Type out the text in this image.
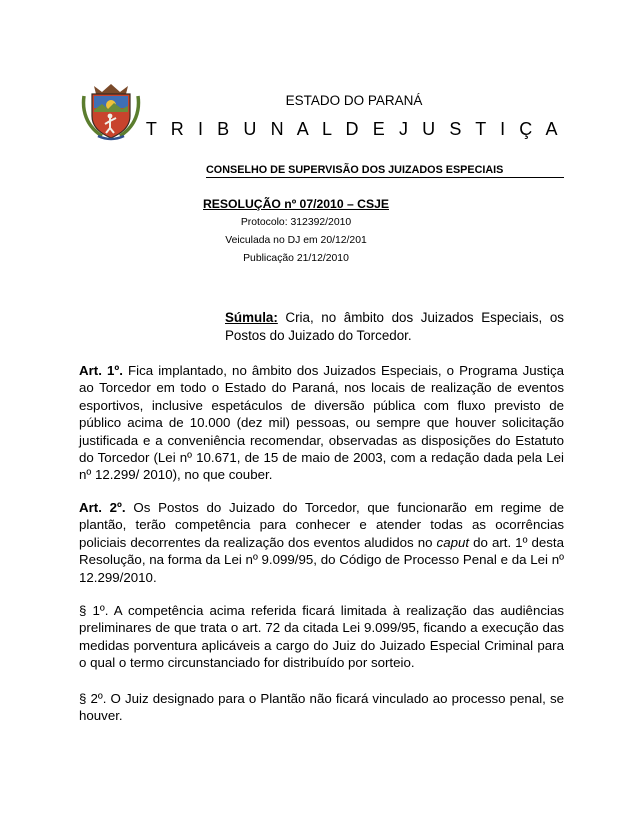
ESTADO DO PARANÁ
T R I B U N A L D E J U S T I Ç A
CONSELHO DE SUPERVISÃO DOS JUIZADOS ESPECIAIS
RESOLUÇÃO nº 07/2010 – CSJE
Protocolo: 312392/2010
Veiculada no DJ em 20/12/201
Publicação 21/12/2010
Súmula: Cria, no âmbito dos Juizados Especiais, os Postos do Juizado do Torcedor.

Art. 1º. Fica implantado, no âmbito dos Juizados Especiais, o Programa Justiça ao Torcedor em todo o Estado do Paraná, nos locais de realização de eventos esportivos, inclusive espetáculos de diversão pública com fluxo previsto de público acima de 10.000 (dez mil) pessoas, ou sempre que houver solicitação justificada e a conveniência recomendar, observadas as disposições do Estatuto do Torcedor (Lei nº 10.671, de 15 de maio de 2003, com a redação dada pela Lei nº 12.299/ 2010), no que couber.

Art. 2º. Os Postos do Juizado do Torcedor, que funcionarão em regime de plantão, terão competência para conhecer e atender todas as ocorrências policiais decorrentes da realização dos eventos aludidos no caput do art. 1º desta Resolução, na forma da Lei nº 9.099/95, do Código de Processo Penal e da Lei nº 12.299/2010.

§ 1º. A competência acima referida ficará limitada à realização das audiências preliminares de que trata o art. 72 da citada Lei 9.099/95, ficando a execução das medidas porventura aplicáveis a cargo do Juiz do Juizado Especial Criminal para o qual o termo circunstanciado for distribuído por sorteio.

§ 2º. O Juiz designado para o Plantão não ficará vinculado ao processo penal, se houver.
